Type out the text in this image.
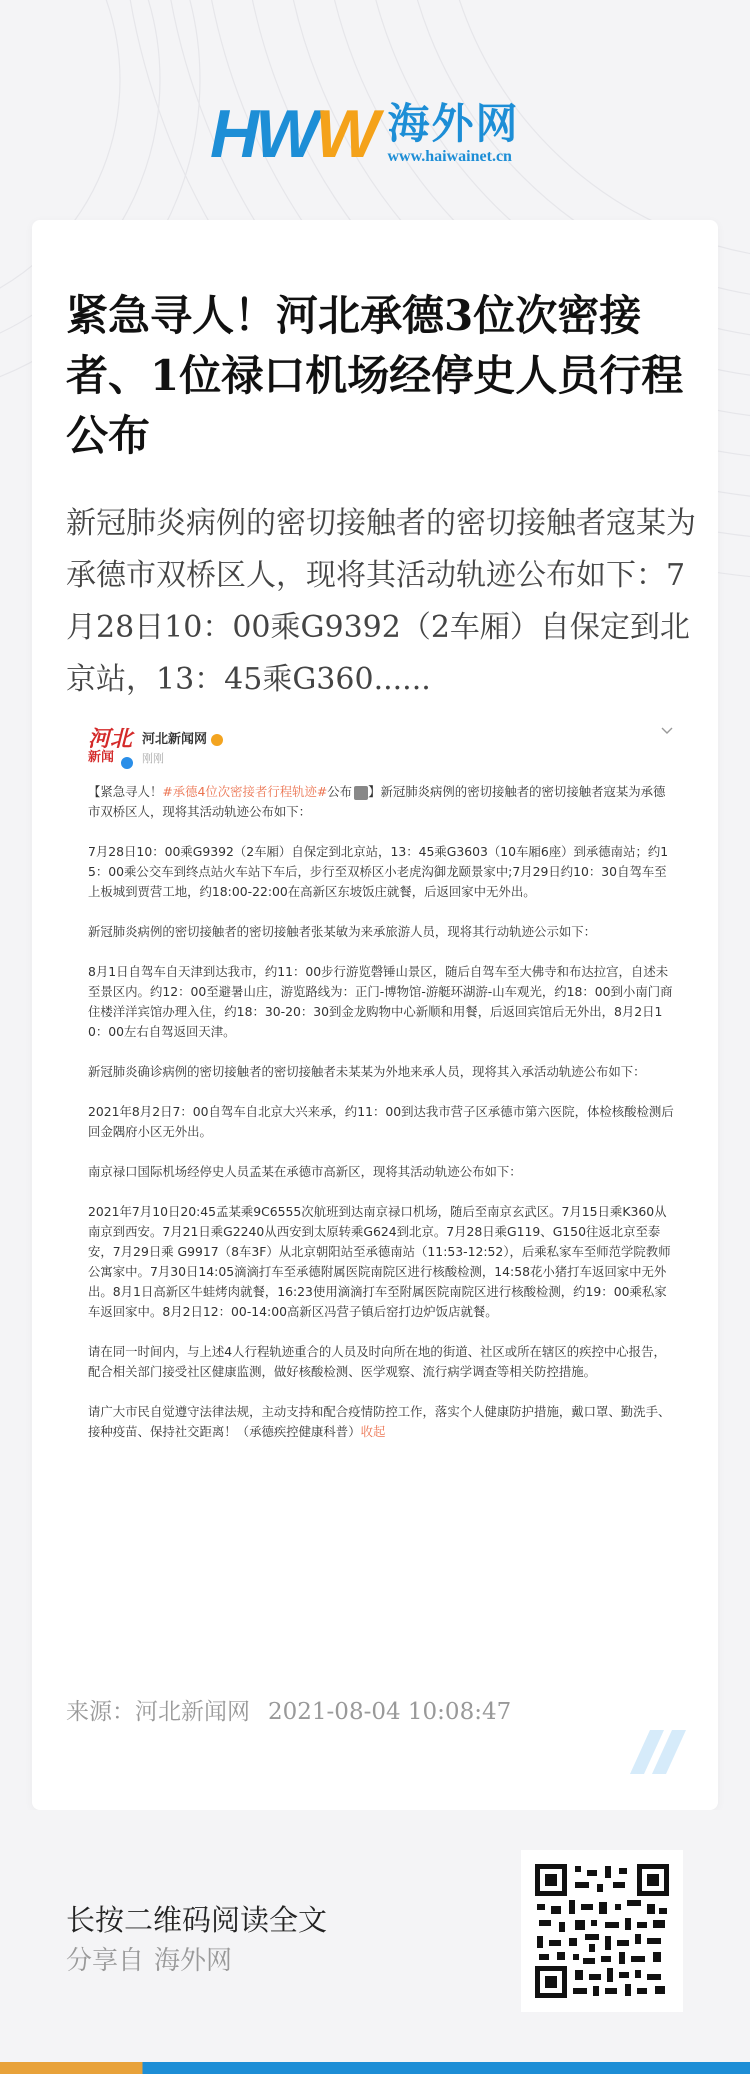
HWW 海外网
www.haiwainet.cn
紧急寻人！河北承德3位次密接者、1位禄口机场经停史人员行程公布

新冠肺炎病例的密切接触者的密切接触者寇某为承德市双桥区人，现将其活动轨迹公布如下：7月28日10：00乘G9392（2车厢）自保定到北京站，13：45乘G360......

河北
新闻
河北新闻网
刚刚

【紧急寻人！#承德4位次密接者行程轨迹#公布 】新冠肺炎病例的密切接触者的密切接触者寇某为承德市双桥区人，现将其活动轨迹公布如下：

7月28日10：00乘G9392（2车厢）自保定到北京站，13：45乘G3603（10车厢6座）到承德南站；约15：00乘公交车到终点站火车站下车后，步行至双桥区小老虎沟御龙颐景家中;7月29日约10：30自驾车至上板城到贾营工地，约18:00-22:00在高新区东坡饭庄就餐，后返回家中无外出。

新冠肺炎病例的密切接触者的密切接触者张某敏为来承旅游人员，现将其行动轨迹公示如下：

8月1日自驾车自天津到达我市，约11：00步行游览磬锤山景区，随后自驾车至大佛寺和布达拉宫，自述未至景区内。约12：00至避暑山庄，游览路线为：正门-博物馆-游艇环湖游-山车观光，约18：00到小南门商住楼洋洋宾馆办理入住，约18：30-20：30到金龙购物中心新顺和用餐，后返回宾馆后无外出，8月2日10：00左右自驾返回天津。

新冠肺炎确诊病例的密切接触者的密切接触者未某某为外地来承人员，现将其入承活动轨迹公布如下：

2021年8月2日7：00自驾车自北京大兴来承，约11：00到达我市营子区承德市第六医院，体检核酸检测后回金隅府小区无外出。

南京禄口国际机场经停史人员孟某在承德市高新区，现将其活动轨迹公布如下：

2021年7月10日20:45孟某乘9C6555次航班到达南京禄口机场，随后至南京玄武区。7月15日乘K360从南京到西安。7月21日乘G2240从西安到太原转乘G624到北京。7月28日乘G119、G150往返北京至泰安，7月29日乘 G9917（8车3F）从北京朝阳站至承德南站（11:53-12:52），后乘私家车至师范学院教师公寓家中。7月30日14:05滴滴打车至承德附属医院南院区进行核酸检测，14:58花小猪打车返回家中无外出。8月1日高新区牛蛙烤肉就餐，16:23使用滴滴打车至附属医院南院区进行核酸检测，约19：00乘私家车返回家中。8月2日12：00-14:00高新区冯营子镇后窑打边炉饭店就餐。

请在同一时间内，与上述4人行程轨迹重合的人员及时向所在地的街道、社区或所在辖区的疾控中心报告，配合相关部门接受社区健康监测，做好核酸检测、医学观察、流行病学调查等相关防控措施。

请广大市民自觉遵守法律法规，主动支持和配合疫情防控工作，落实个人健康防护措施，戴口罩、勤洗手、接种疫苗、保持社交距离！（承德疾控健康科普）收起

来源：河北新闻网 2021-08-04 10:08:47
长按二维码阅读全文
分享自 海外网
